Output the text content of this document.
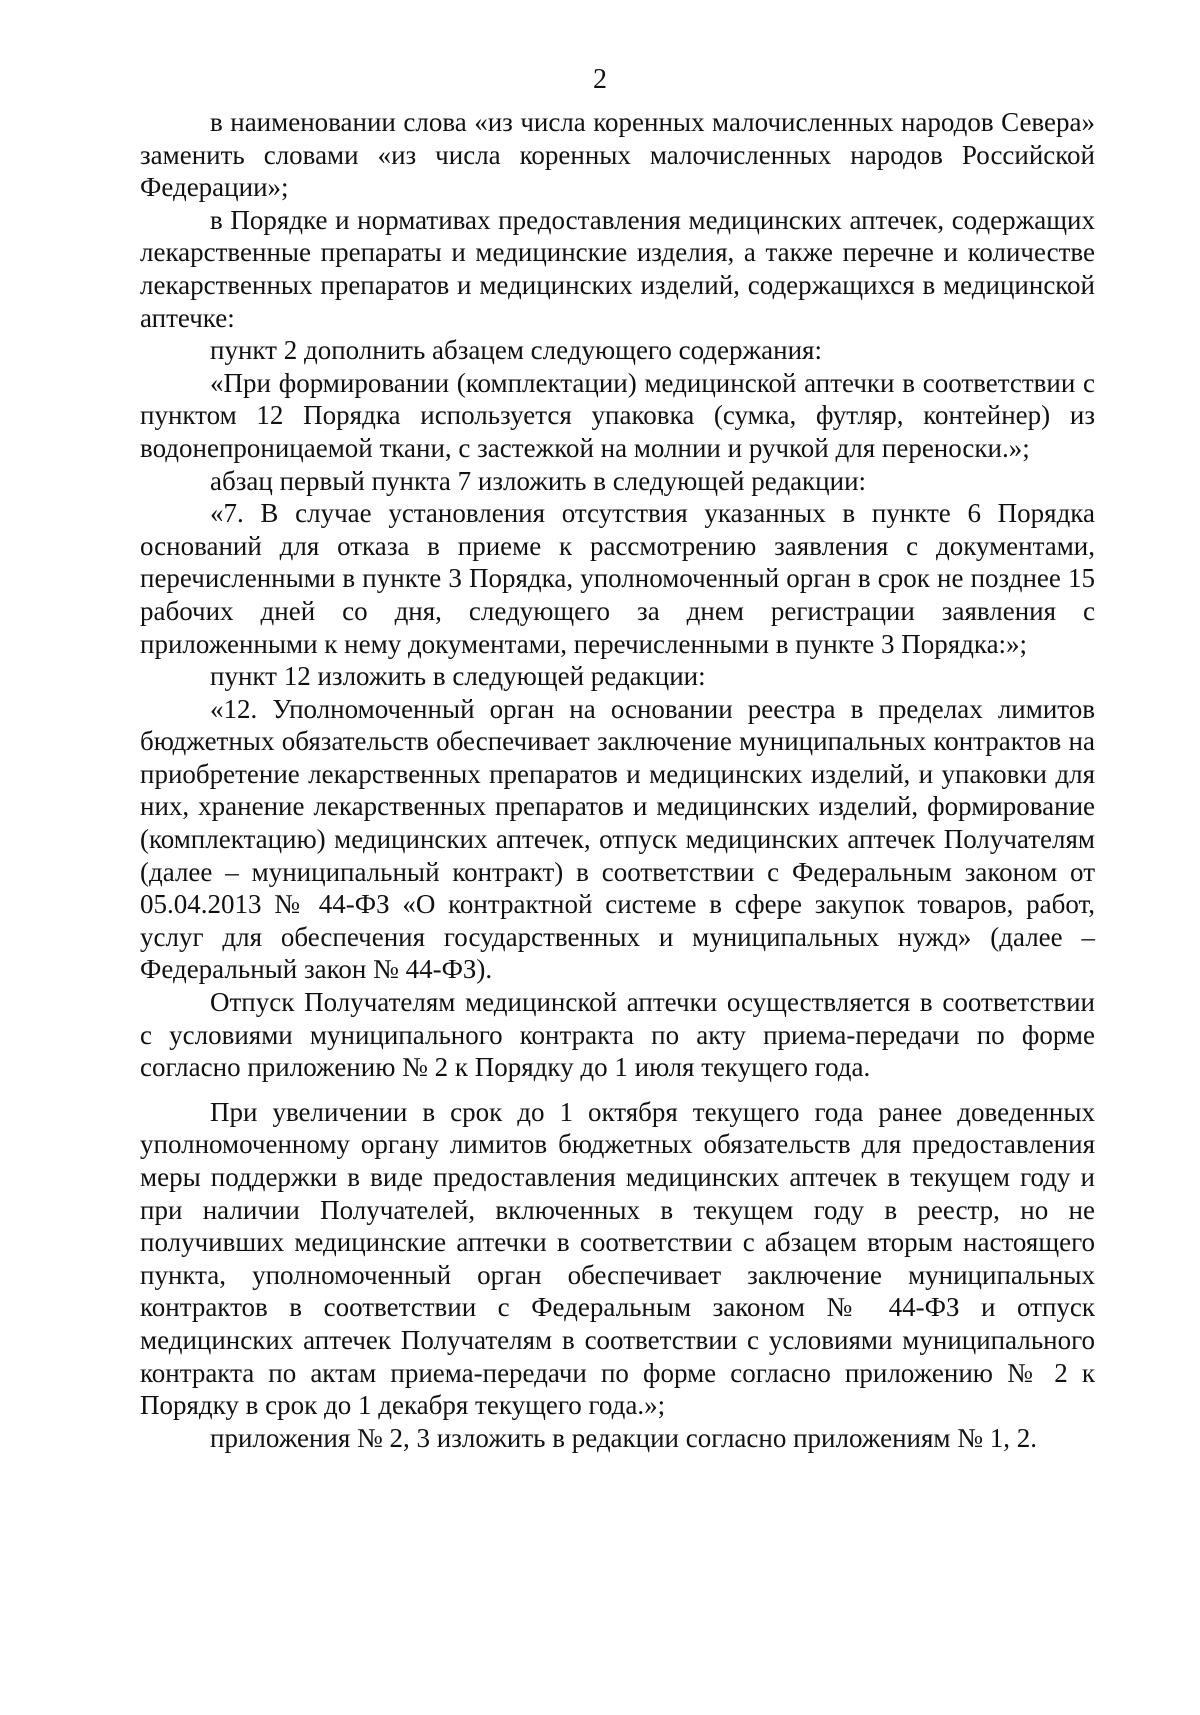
2

в наименовании слова «из числа коренных малочисленных народов Севера» заменить словами «из числа коренных малочисленных народов Российской Федерации»;

в Порядке и нормативах предоставления медицинских аптечек, содержащих лекарственные препараты и медицинские изделия, а также перечне и количестве лекарственных препаратов и медицинских изделий, содержащихся в медицинской аптечке:

пункт 2 дополнить абзацем следующего содержания:

«При формировании (комплектации) медицинской аптечки в соответствии с пунктом 12 Порядка используется упаковка (сумка, футляр, контейнер) из водонепроницаемой ткани, с застежкой на молнии и ручкой для переноски.»;

абзац первый пункта 7 изложить в следующей редакции:

«7. В случае установления отсутствия указанных в пункте 6 Порядка оснований для отказа в приеме к рассмотрению заявления с документами, перечисленными в пункте 3 Порядка, уполномоченный орган в срок не позднее 15 рабочих дней со дня, следующего за днем регистрации заявления с приложенными к нему документами, перечисленными в пункте 3 Порядка:»;

пункт 12 изложить в следующей редакции:

«12. Уполномоченный орган на основании реестра в пределах лимитов бюджетных обязательств обеспечивает заключение муниципальных контрактов на приобретение лекарственных препаратов и медицинских изделий, и упаковки для них, хранение лекарственных препаратов и медицинских изделий, формирование (комплектацию) медицинских аптечек, отпуск медицинских аптечек Получателям (далее – муниципальный контракт) в соответствии с Федеральным законом от 05.04.2013 № 44-ФЗ «О контрактной системе в сфере закупок товаров, работ, услуг для обеспечения государственных и муниципальных нужд» (далее – Федеральный закон № 44-ФЗ).

Отпуск Получателям медицинской аптечки осуществляется в соответствии с условиями муниципального контракта по акту приема-передачи по форме согласно приложению № 2 к Порядку до 1 июля текущего года.

При увеличении в срок до 1 октября текущего года ранее доведенных уполномоченному органу лимитов бюджетных обязательств для предоставления меры поддержки в виде предоставления медицинских аптечек в текущем году и при наличии Получателей, включенных в текущем году в реестр, но не получивших медицинские аптечки в соответствии с абзацем вторым настоящего пункта, уполномоченный орган обеспечивает заключение муниципальных контрактов в соответствии с Федеральным законом № 44-ФЗ и отпуск медицинских аптечек Получателям в соответствии с условиями муниципального контракта по актам приема-передачи по форме согласно приложению № 2 к Порядку в срок до 1 декабря текущего года.»;

приложения № 2, 3 изложить в редакции согласно приложениям № 1, 2.
